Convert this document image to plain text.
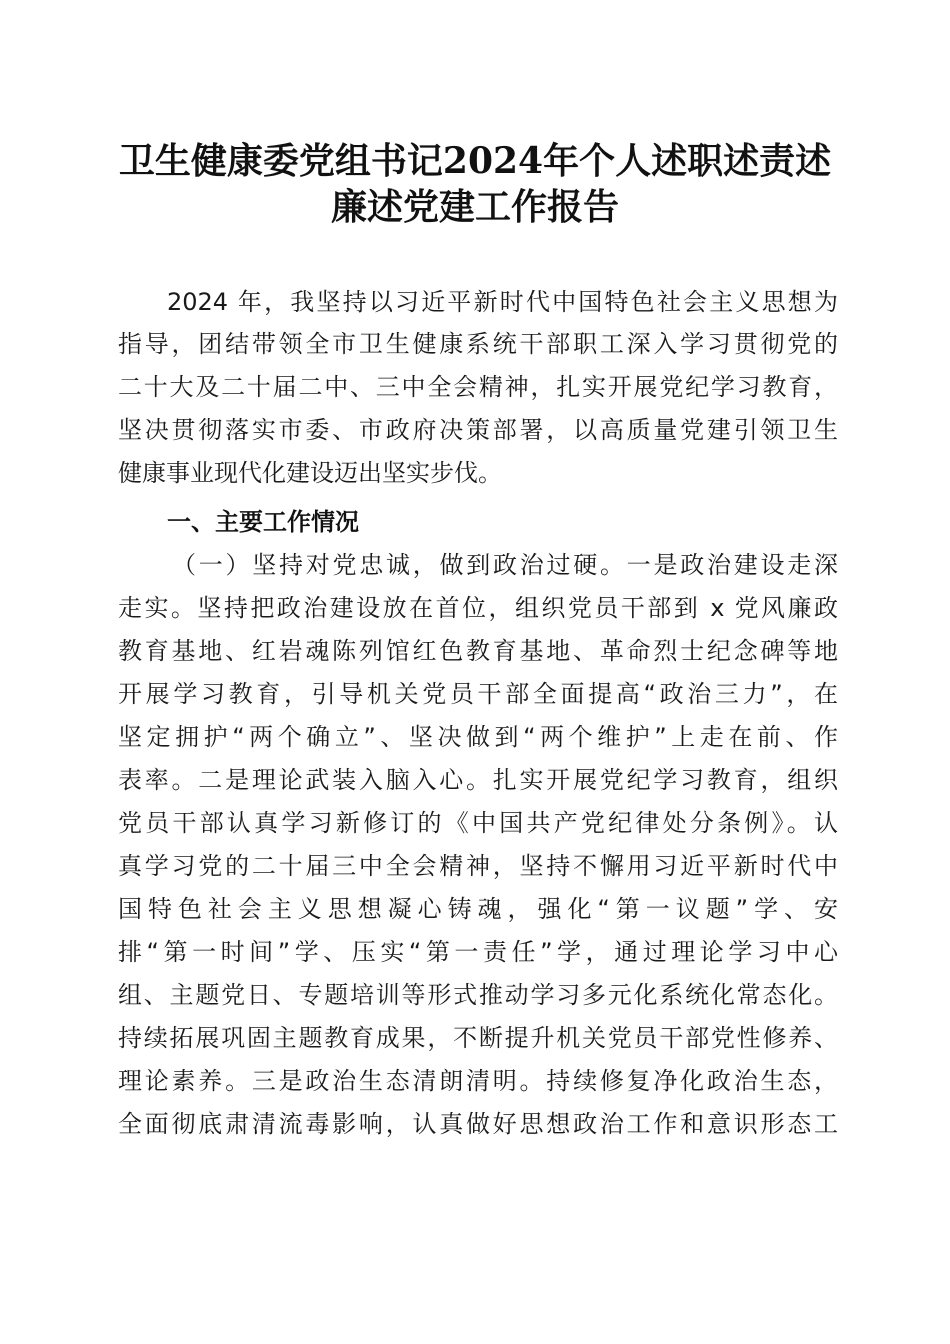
卫生健康委党组书记2024年个人述职述责述
廉述党建工作报告
2024 年，我坚持以习近平新时代中国特色社会主义思想为
指导，团结带领全市卫生健康系统干部职工深入学习贯彻党的
二十大及二十届二中、三中全会精神，扎实开展党纪学习教育，
坚决贯彻落实市委、市政府决策部署，以高质量党建引领卫生
健康事业现代化建设迈出坚实步伐。
一、主要工作情况
（一）坚持对党忠诚，做到政治过硬。一是政治建设走深
走实。坚持把政治建设放在首位，组织党员干部到 x 党风廉政
教育基地、红岩魂陈列馆红色教育基地、革命烈士纪念碑等地
开展学习教育，引导机关党员干部全面提高“政治三力”，在
坚定拥护“两个确立”、坚决做到“两个维护”上走在前、作
表率。二是理论武装入脑入心。扎实开展党纪学习教育，组织
党员干部认真学习新修订的《中国共产党纪律处分条例》。认
真学习党的二十届三中全会精神，坚持不懈用习近平新时代中
国特色社会主义思想凝心铸魂，强化“第一议题”学、安
排“第一时间”学、压实“第一责任”学，通过理论学习中心
组、主题党日、专题培训等形式推动学习多元化系统化常态化。
持续拓展巩固主题教育成果，不断提升机关党员干部党性修养、
理论素养。三是政治生态清朗清明。持续修复净化政治生态，
全面彻底肃清流毒影响，认真做好思想政治工作和意识形态工
